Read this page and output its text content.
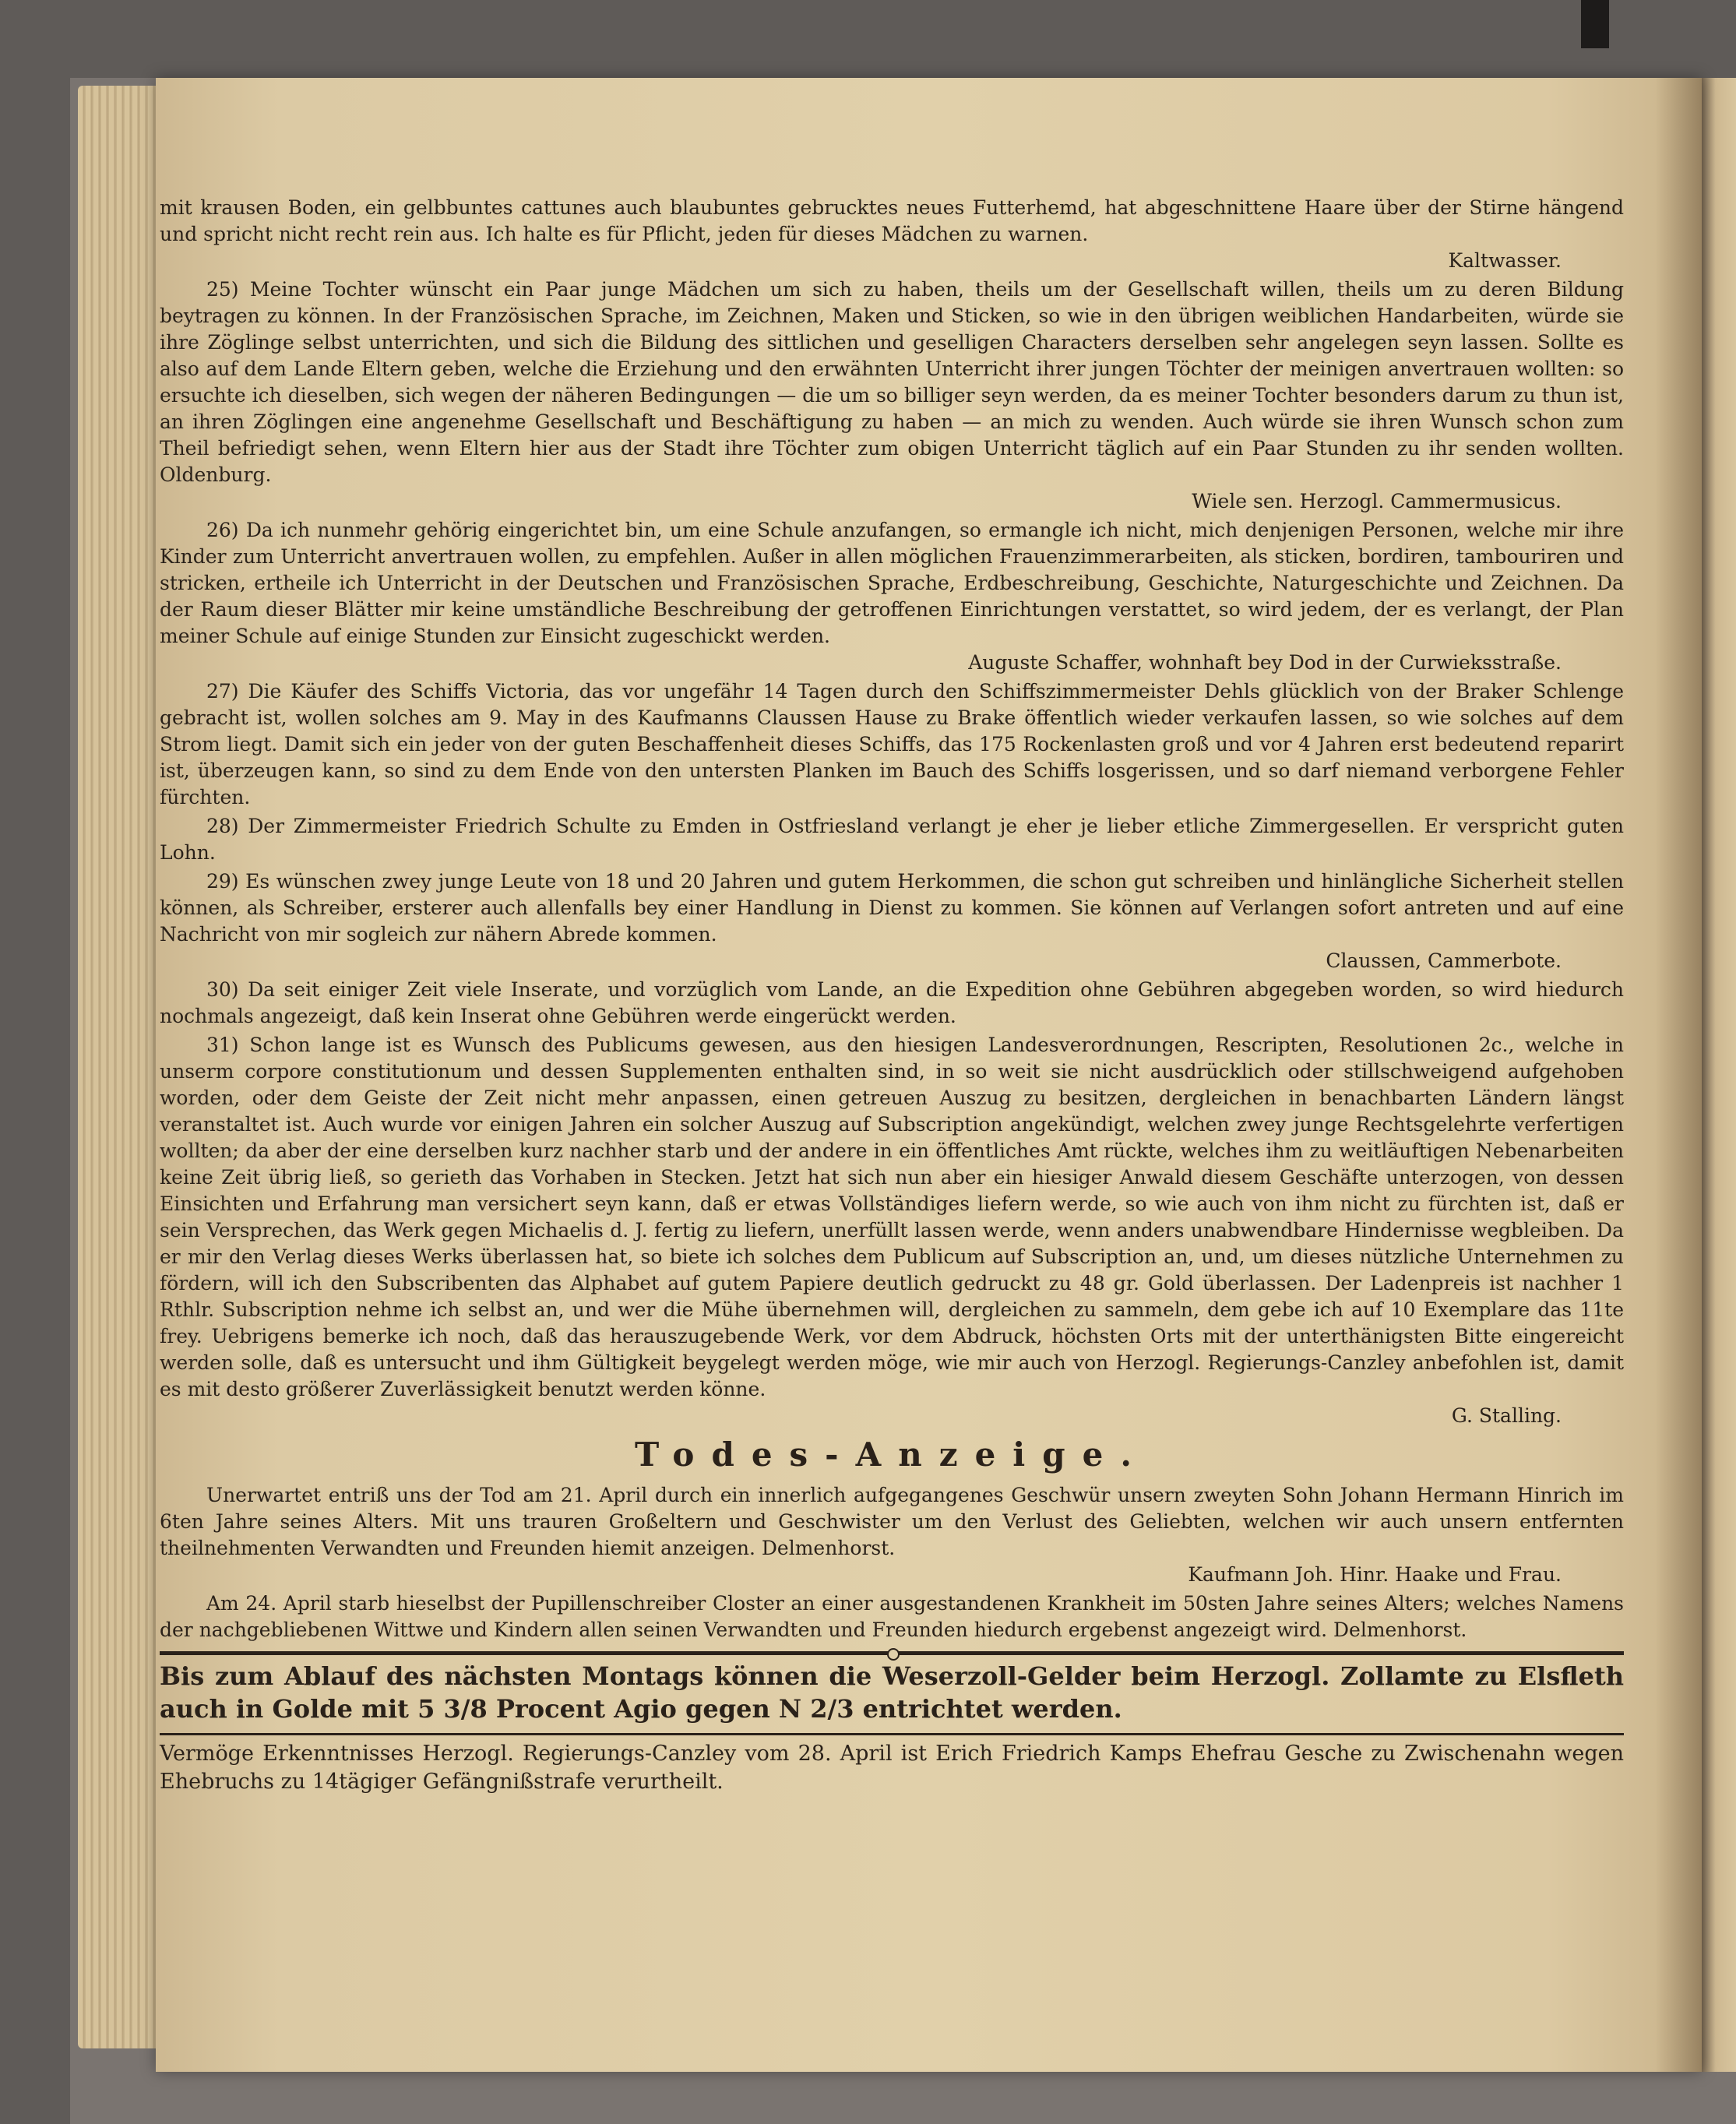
mit krausen Boden, ein gelbbuntes cattunes auch blaubuntes gebrucktes neues Futterhemd, hat abgeschnittene Haare über der Stirne hängend und spricht nicht recht rein aus. Ich halte es für Pflicht, jeden für dieses Mädchen zu warnen.
Kaltwasser.

25) Meine Tochter wünscht ein Paar junge Mädchen um sich zu haben, theils um der Gesellschaft willen, theils um zu deren Bildung beytragen zu können. In der Französischen Sprache, im Zeichnen, Maken und Sticken, so wie in den übrigen weiblichen Handarbeiten, würde sie ihre Zöglinge selbst unterrichten, und sich die Bildung des sittlichen und geselligen Characters derselben sehr angelegen seyn lassen. Sollte es also auf dem Lande Eltern geben, welche die Erziehung und den erwähnten Unterricht ihrer jungen Töchter der meinigen anvertrauen wollten: so ersuchte ich dieselben, sich wegen der näheren Bedingungen — die um so billiger seyn werden, da es meiner Tochter besonders darum zu thun ist, an ihren Zöglingen eine angenehme Gesellschaft und Beschäftigung zu haben — an mich zu wenden. Auch würde sie ihren Wunsch schon zum Theil befriedigt sehen, wenn Eltern hier aus der Stadt ihre Töchter zum obigen Unterricht täglich auf ein Paar Stunden zu ihr senden wollten. Oldenburg.
Wiele sen. Herzogl. Cammermusicus.

26) Da ich nunmehr gehörig eingerichtet bin, um eine Schule anzufangen, so ermangle ich nicht, mich denjenigen Personen, welche mir ihre Kinder zum Unterricht anvertrauen wollen, zu empfehlen. Außer in allen möglichen Frauenzimmerarbeiten, als sticken, bordiren, tambouriren und stricken, ertheile ich Unterricht in der Deutschen und Französischen Sprache, Erdbeschreibung, Geschichte, Naturgeschichte und Zeichnen. Da der Raum dieser Blätter mir keine umständliche Beschreibung der getroffenen Einrichtungen verstattet, so wird jedem, der es verlangt, der Plan meiner Schule auf einige Stunden zur Einsicht zugeschickt werden.
Auguste Schaffer, wohnhaft bey Dod in der Curwieksstraße.

27) Die Käufer des Schiffs Victoria, das vor ungefähr 14 Tagen durch den Schiffszimmermeister Dehls glücklich von der Braker Schlenge gebracht ist, wollen solches am 9. May in des Kaufmanns Claussen Hause zu Brake öffentlich wieder verkaufen lassen, so wie solches auf dem Strom liegt. Damit sich ein jeder von der guten Beschaffenheit dieses Schiffs, das 175 Rockenlasten groß und vor 4 Jahren erst bedeutend reparirt ist, überzeugen kann, so sind zu dem Ende von den untersten Planken im Bauch des Schiffs losgerissen, und so darf niemand verborgene Fehler fürchten.

28) Der Zimmermeister Friedrich Schulte zu Emden in Ostfriesland verlangt je eher je lieber etliche Zimmergesellen. Er verspricht guten Lohn.

29) Es wünschen zwey junge Leute von 18 und 20 Jahren und gutem Herkommen, die schon gut schreiben und hinlängliche Sicherheit stellen können, als Schreiber, ersterer auch allenfalls bey einer Handlung in Dienst zu kommen. Sie können auf Verlangen sofort antreten und auf eine Nachricht von mir sogleich zur nähern Abrede kommen.
Claussen, Cammerbote.

30) Da seit einiger Zeit viele Inserate, und vorzüglich vom Lande, an die Expedition ohne Gebühren abgegeben worden, so wird hiedurch nochmals angezeigt, daß kein Inserat ohne Gebühren werde eingerückt werden.

31) Schon lange ist es Wunsch des Publicums gewesen, aus den hiesigen Landesverordnungen, Rescripten, Resolutionen 2c., welche in unserm corpore constitutionum und dessen Supplementen enthalten sind, in so weit sie nicht ausdrücklich oder stillschweigend aufgehoben worden, oder dem Geiste der Zeit nicht mehr anpassen, einen getreuen Auszug zu besitzen, dergleichen in benachbarten Ländern längst veranstaltet ist. Auch wurde vor einigen Jahren ein solcher Auszug auf Subscription angekündigt, welchen zwey junge Rechtsgelehrte verfertigen wollten; da aber der eine derselben kurz nachher starb und der andere in ein öffentliches Amt rückte, welches ihm zu weitläuftigen Nebenarbeiten keine Zeit übrig ließ, so gerieth das Vorhaben in Stecken. Jetzt hat sich nun aber ein hiesiger Anwald diesem Geschäfte unterzogen, von dessen Einsichten und Erfahrung man versichert seyn kann, daß er etwas Vollständiges liefern werde, so wie auch von ihm nicht zu fürchten ist, daß er sein Versprechen, das Werk gegen Michaelis d. J. fertig zu liefern, unerfüllt lassen werde, wenn anders unabwendbare Hindernisse wegbleiben. Da er mir den Verlag dieses Werks überlassen hat, so biete ich solches dem Publicum auf Subscription an, und, um dieses nützliche Unternehmen zu fördern, will ich den Subscribenten das Alphabet auf gutem Papiere deutlich gedruckt zu 48 gr. Gold überlassen. Der Ladenpreis ist nachher 1 Rthlr. Subscription nehme ich selbst an, und wer die Mühe übernehmen will, dergleichen zu sammeln, dem gebe ich auf 10 Exemplare das 11te frey. Uebrigens bemerke ich noch, daß das herauszugebende Werk, vor dem Abdruck, höchsten Orts mit der unterthänigsten Bitte eingereicht werden solle, daß es untersucht und ihm Gültigkeit beygelegt werden möge, wie mir auch von Herzogl. Regierungs-Canzley anbefohlen ist, damit es mit desto größerer Zuverlässigkeit benutzt werden könne.
G. Stalling.

Todes-Anzeige.

Unerwartet entriß uns der Tod am 21. April durch ein innerlich aufgegangenes Geschwür unsern zweyten Sohn Johann Hermann Hinrich im 6ten Jahre seines Alters. Mit uns trauren Großeltern und Geschwister um den Verlust des Geliebten, welchen wir auch unsern entfernten theilnehmenten Verwandten und Freunden hiemit anzeigen. Delmenhorst.
Kaufmann Joh. Hinr. Haake und Frau.

Am 24. April starb hieselbst der Pupillenschreiber Closter an einer ausgestandenen Krankheit im 50sten Jahre seines Alters; welches Namens der nachgebliebenen Wittwe und Kindern allen seinen Verwandten und Freunden hiedurch ergebenst angezeigt wird. Delmenhorst.

Bis zum Ablauf des nächsten Montags können die Weserzoll-Gelder beim Herzogl. Zollamte zu Elsfleth auch in Golde mit 5 3/8 Procent Agio gegen N 2/3 entrichtet werden.

Vermöge Erkenntnisses Herzogl. Regierungs-Canzley vom 28. April ist Erich Friedrich Kamps Ehefrau Gesche zu Zwischenahn wegen Ehebruchs zu 14tägiger Gefängnißstrafe verurtheilt.
